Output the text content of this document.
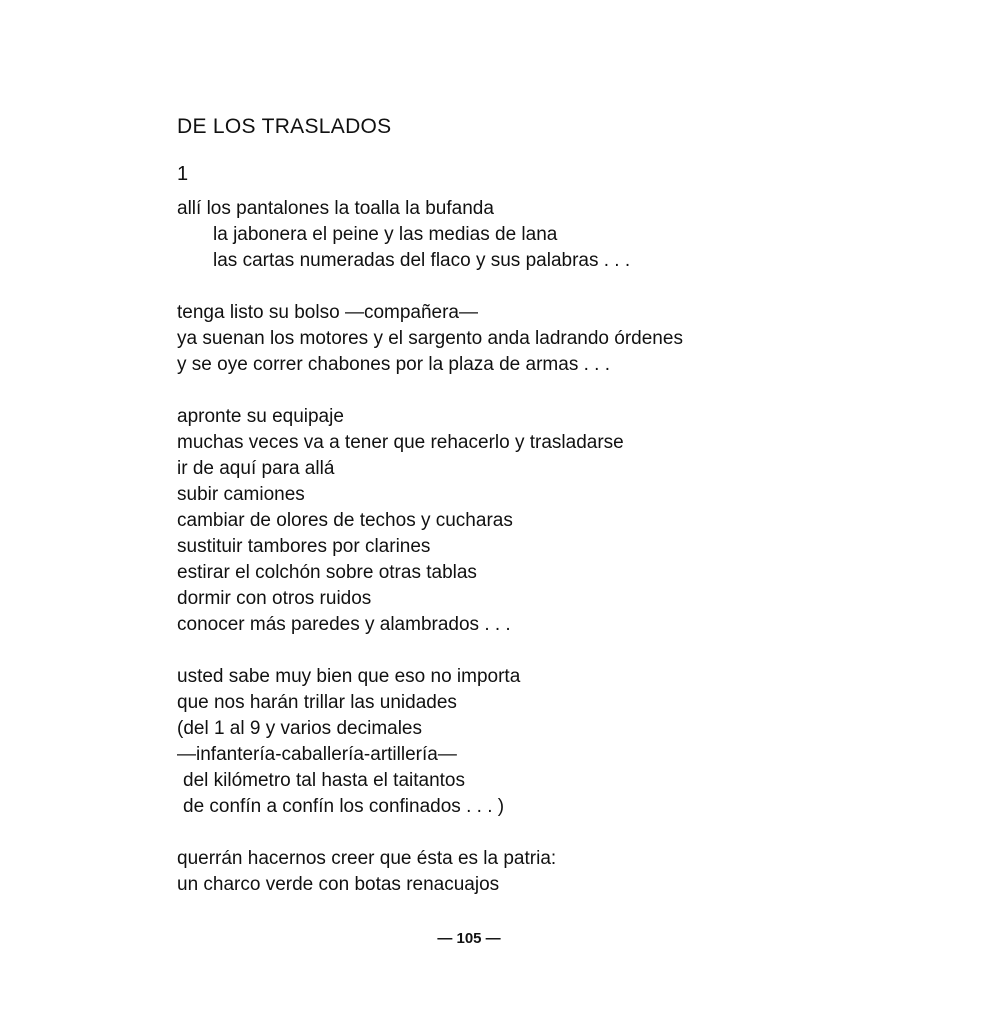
DE LOS TRASLADOS
1
allí los pantalones la toalla la bufanda
la jabonera el peine y las medias de lana
las cartas numeradas del flaco y sus palabras . . .
tenga listo su bolso —compañera—
ya suenan los motores y el sargento anda ladrando órdenes
y se oye correr chabones por la plaza de armas . . .
apronte su equipaje
muchas veces va a tener que rehacerlo y trasladarse
ir de aquí para allá
subir camiones
cambiar de olores de techos y cucharas
sustituir tambores por clarines
estirar el colchón sobre otras tablas
dormir con otros ruidos
conocer más paredes y alambrados . . .
usted sabe muy bien que eso no importa
que nos harán trillar las unidades
(del 1 al 9 y varios decimales
—infantería-caballería-artillería—
del kilómetro tal hasta el taitantos
de confín a confín los confinados . . . )
querrán hacernos creer que ésta es la patria:
un charco verde con botas renacuajos
— 105 —
